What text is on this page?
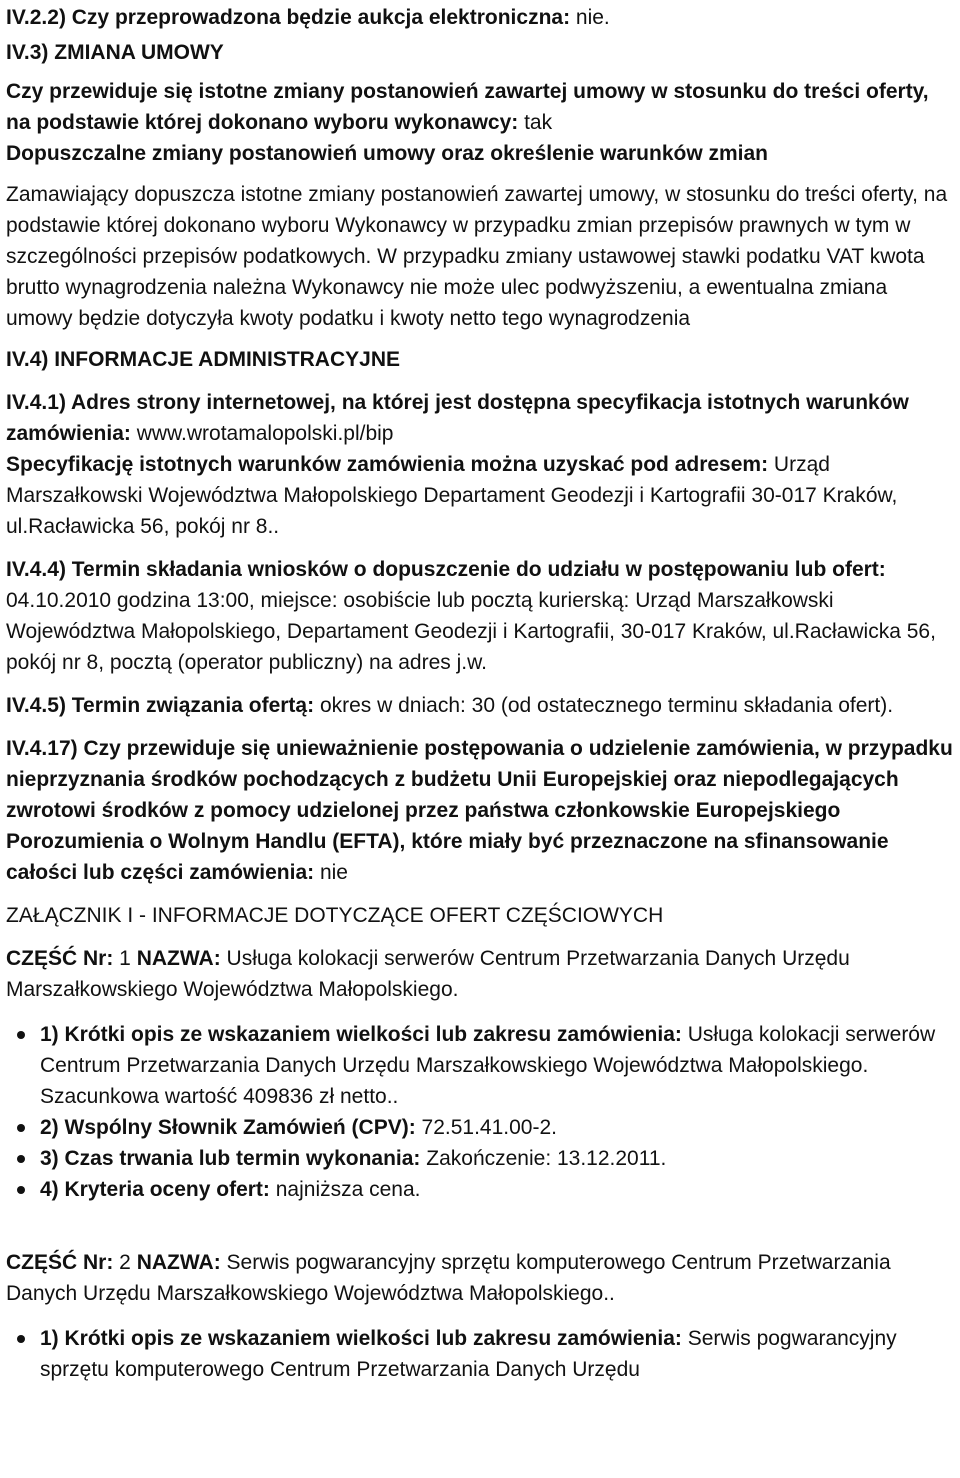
IV.2.2) Czy przeprowadzona będzie aukcja elektroniczna: nie.

IV.3) ZMIANA UMOWY

Czy przewiduje się istotne zmiany postanowień zawartej umowy w stosunku do treści oferty, na podstawie której dokonano wyboru wykonawcy: tak

Dopuszczalne zmiany postanowień umowy oraz określenie warunków zmian

Zamawiający dopuszcza istotne zmiany postanowień zawartej umowy, w stosunku do treści oferty, na podstawie której dokonano wyboru Wykonawcy w przypadku zmian przepisów prawnych w tym w szczególności przepisów podatkowych. W przypadku zmiany ustawowej stawki podatku VAT kwota brutto wynagrodzenia należna Wykonawcy nie może ulec podwyższeniu, a ewentualna zmiana umowy będzie dotyczyła kwoty podatku i kwoty netto tego wynagrodzenia

IV.4) INFORMACJE ADMINISTRACYJNE

IV.4.1) Adres strony internetowej, na której jest dostępna specyfikacja istotnych warunków zamówienia: www.wrotamalopolski.pl/bip

Specyfikację istotnych warunków zamówienia można uzyskać pod adresem: Urząd Marszałkowski Województwa Małopolskiego Departament Geodezji i Kartografii 30-017 Kraków, ul.Racławicka 56, pokój nr 8..

IV.4.4) Termin składania wniosków o dopuszczenie do udziału w postępowaniu lub ofert: 04.10.2010 godzina 13:00, miejsce: osobiście lub pocztą kurierską: Urząd Marszałkowski Województwa Małopolskiego, Departament Geodezji i Kartografii, 30-017 Kraków, ul.Racławicka 56, pokój nr 8, pocztą (operator publiczny) na adres j.w.

IV.4.5) Termin związania ofertą: okres w dniach: 30 (od ostatecznego terminu składania ofert).

IV.4.17) Czy przewiduje się unieważnienie postępowania o udzielenie zamówienia, w przypadku nieprzyznania środków pochodzących z budżetu Unii Europejskiej oraz niepodlegających zwrotowi środków z pomocy udzielonej przez państwa członkowskie Europejskiego Porozumienia o Wolnym Handlu (EFTA), które miały być przeznaczone na sfinansowanie całości lub części zamówienia: nie

ZAŁĄCZNIK I - INFORMACJE DOTYCZĄCE OFERT CZĘŚCIOWYCH

CZĘŚĆ Nr: 1 NAZWA: Usługa kolokacji serwerów Centrum Przetwarzania Danych Urzędu Marszałkowskiego Województwa Małopolskiego.

1) Krótki opis ze wskazaniem wielkości lub zakresu zamówienia: Usługa kolokacji serwerów Centrum Przetwarzania Danych Urzędu Marszałkowskiego Województwa Małopolskiego. Szacunkowa wartość 409836 zł netto..
2) Wspólny Słownik Zamówień (CPV): 72.51.41.00-2.
3) Czas trwania lub termin wykonania: Zakończenie: 13.12.2011.
4) Kryteria oceny ofert: najniższa cena.

CZĘŚĆ Nr: 2 NAZWA: Serwis pogwarancyjny sprzętu komputerowego Centrum Przetwarzania Danych Urzędu Marszałkowskiego Województwa Małopolskiego..

1) Krótki opis ze wskazaniem wielkości lub zakresu zamówienia: Serwis pogwarancyjny sprzętu komputerowego Centrum Przetwarzania Danych Urzędu
